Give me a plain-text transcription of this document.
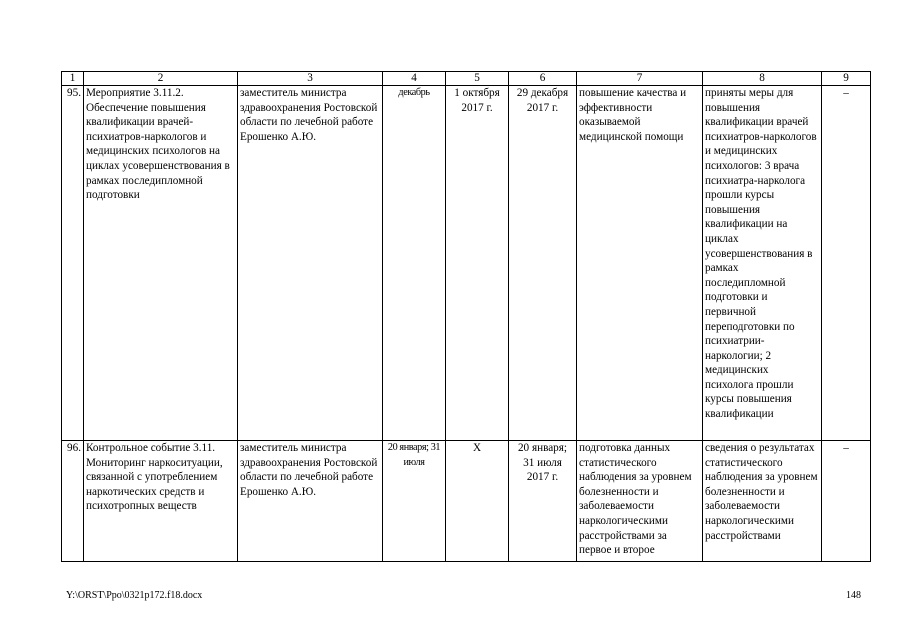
1	2	3	4	5	6	7	8	9
95.	Мероприятие 3.11.2. Обеспечение повышения квалификации врачей-психиатров-наркологов и медицинских психологов на циклах усовершенствования в рамках последипломной подготовки	заместитель министра здравоохранения Ростовской области по лечебной работе Ерошенко А.Ю.	декабрь	1 октября 2017 г.	29 декабря 2017 г.	повышение качества и эффективности оказываемой медицинской помощи	приняты меры для повышения квалификации врачей психиатров-наркологов и медицинских психологов: 3 врача психиатра-нарколога прошли курсы повышения квалификации на циклах усовершенствования в рамках последипломной подготовки и первичной переподготовки по психиатрии-наркологии; 2 медицинских психолога прошли курсы повышения квалификации	–
96.	Контрольное событие 3.11. Мониторинг наркоситуации, связанной с употреблением наркотических средств и психотропных веществ	заместитель министра здравоохранения Ростовской области по лечебной работе Ерошенко А.Ю.	20 января; 31 июля	Х	20 января; 31 июля 2017 г.	подготовка данных статистического наблюдения за уровнем болезненности и заболеваемости наркологическими расстройствами за первое и второе	сведения о результатах статистического наблюдения за уровнем болезненности и заболеваемости наркологическими расстройствами	–
Y:\ORST\Ppo\0321p172.f18.docx	148
